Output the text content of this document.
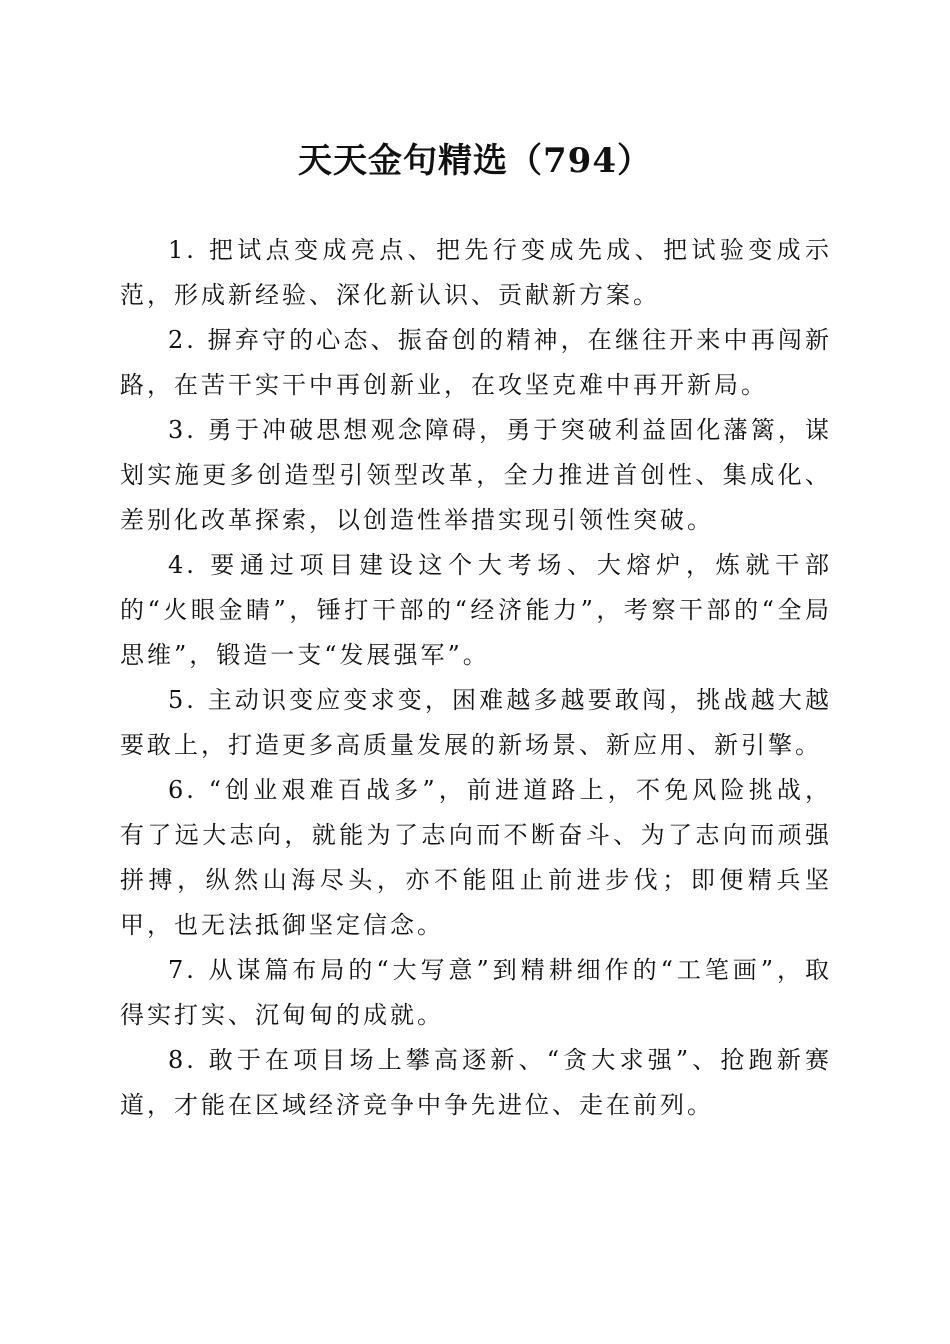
天天金句精选（794）

1. 把试点变成亮点、把先行变成先成、把试验变成示范，形成新经验、深化新认识、贡献新方案。

2. 摒弃守的心态、振奋创的精神，在继往开来中再闯新路，在苦干实干中再创新业，在攻坚克难中再开新局。

3. 勇于冲破思想观念障碍，勇于突破利益固化藩篱，谋划实施更多创造型引领型改革，全力推进首创性、集成化、差别化改革探索，以创造性举措实现引领性突破。

4. 要通过项目建设这个大考场、大熔炉，炼就干部的“火眼金睛”，锤打干部的“经济能力”，考察干部的“全局思维”，锻造一支“发展强军”。

5. 主动识变应变求变，困难越多越要敢闯，挑战越大越要敢上，打造更多高质量发展的新场景、新应用、新引擎。

6. “创业艰难百战多”，前进道路上，不免风险挑战，有了远大志向，就能为了志向而不断奋斗、为了志向而顽强拼搏，纵然山海尽头，亦不能阻止前进步伐；即便精兵坚甲，也无法抵御坚定信念。

7. 从谋篇布局的“大写意”到精耕细作的“工笔画”，取得实打实、沉甸甸的成就。

8. 敢于在项目场上攀高逐新、“贪大求强”、抢跑新赛道，才能在区域经济竞争中争先进位、走在前列。
